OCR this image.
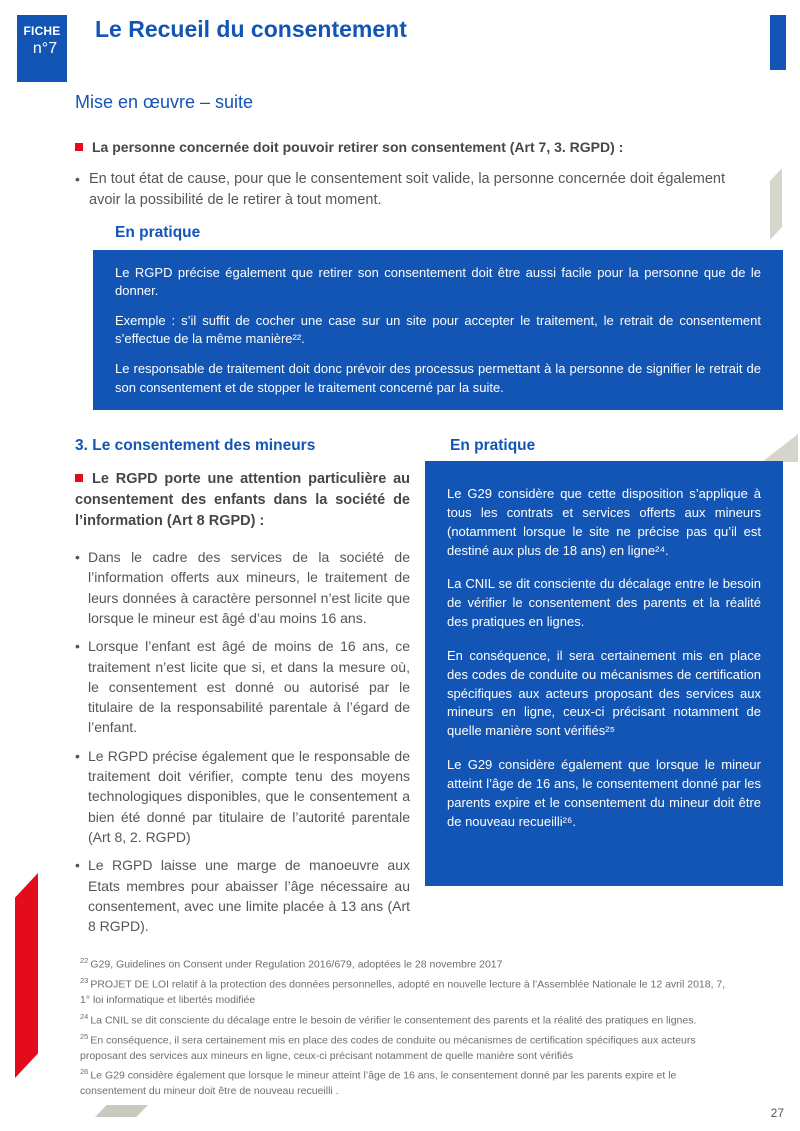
FICHE
n°7
Le Recueil du consentement
Mise en œuvre – suite

La personne concernée doit pouvoir retirer son consentement (Art 7, 3. RGPD) :

• En tout état de cause, pour que le consentement soit valide, la personne concernée doit également avoir la possibilité de le retirer à tout moment.

En pratique

Le RGPD précise également que retirer son consentement doit être aussi facile pour la personne que de le donner.

Exemple : s’il suffit de cocher une case sur un site pour accepter le traitement, le retrait de consentement s’effectue de la même manière²².

Le responsable de traitement doit donc prévoir des processus permettant à la personne de signifier le retrait de son consentement et de stopper le traitement concerné par la suite.

3. Le consentement des mineurs

Le RGPD porte une attention particulière au consentement des enfants dans la société de l’information (Art 8 RGPD) :

• Dans le cadre des services de la société de l’information offerts aux mineurs, le traitement de leurs données à caractère personnel n’est licite que lorsque le mineur est âgé d’au moins 16 ans.
• Lorsque l’enfant est âgé de moins de 16 ans, ce traitement n’est licite que si, et dans la mesure où, le consentement est donné ou autorisé par le titulaire de la responsabilité parentale à l’égard de l’enfant.
• Le RGPD précise également que le responsable de traitement doit vérifier, compte tenu des moyens technologiques disponibles, que le consentement a bien été donné par titulaire de l’autorité parentale (Art 8, 2. RGPD)
• Le RGPD laisse une marge de manoeuvre aux Etats membres pour abaisser l’âge nécessaire au consentement, avec une limite placée à 13 ans (Art 8 RGPD).
En pratique

Le G29 considère que cette disposition s’applique à tous les contrats et services offerts aux mineurs (notamment lorsque le site ne précise pas qu’il est destiné aux plus de 18 ans) en ligne²⁴.

La CNIL se dit consciente du décalage entre le besoin de vérifier le consentement des parents et la réalité des pratiques en lignes.

En conséquence, il sera certainement mis en place des codes de conduite ou mécanismes de certification spécifiques aux acteurs proposant des services aux mineurs en ligne, ceux-ci précisant notamment de quelle manière sont vérifiés²⁵

Le G29 considère également que lorsque le mineur atteint l’âge de 16 ans, le consentement donné par les parents expire et le consentement du mineur doit être de nouveau recueilli²⁶.

$^{22}$ G29, Guidelines on Consent under Regulation 2016/679, adoptées le 28 novembre 2017

$^{23}$ PROJET DE LOI relatif à la protection des données personnelles, adopté en nouvelle lecture à l’Assemblée Nationale le 12 avril 2018, 7, 1° loi informatique et libertés modifiée

$^{24}$ La CNIL se dit consciente du décalage entre le besoin de vérifier le consentement des parents et la réalité des pratiques en lignes.

$^{25}$ En conséquence, il sera certainement mis en place des codes de conduite ou mécanismes de certification spécifiques aux acteurs proposant des services aux mineurs en ligne, ceux-ci précisant notamment de quelle manière sont vérifiés

$^{26}$ Le G29 considère également que lorsque le mineur atteint l’âge de 16 ans, le consentement donné par les parents expire et le consentement du mineur doit être de nouveau recueilli .

27
